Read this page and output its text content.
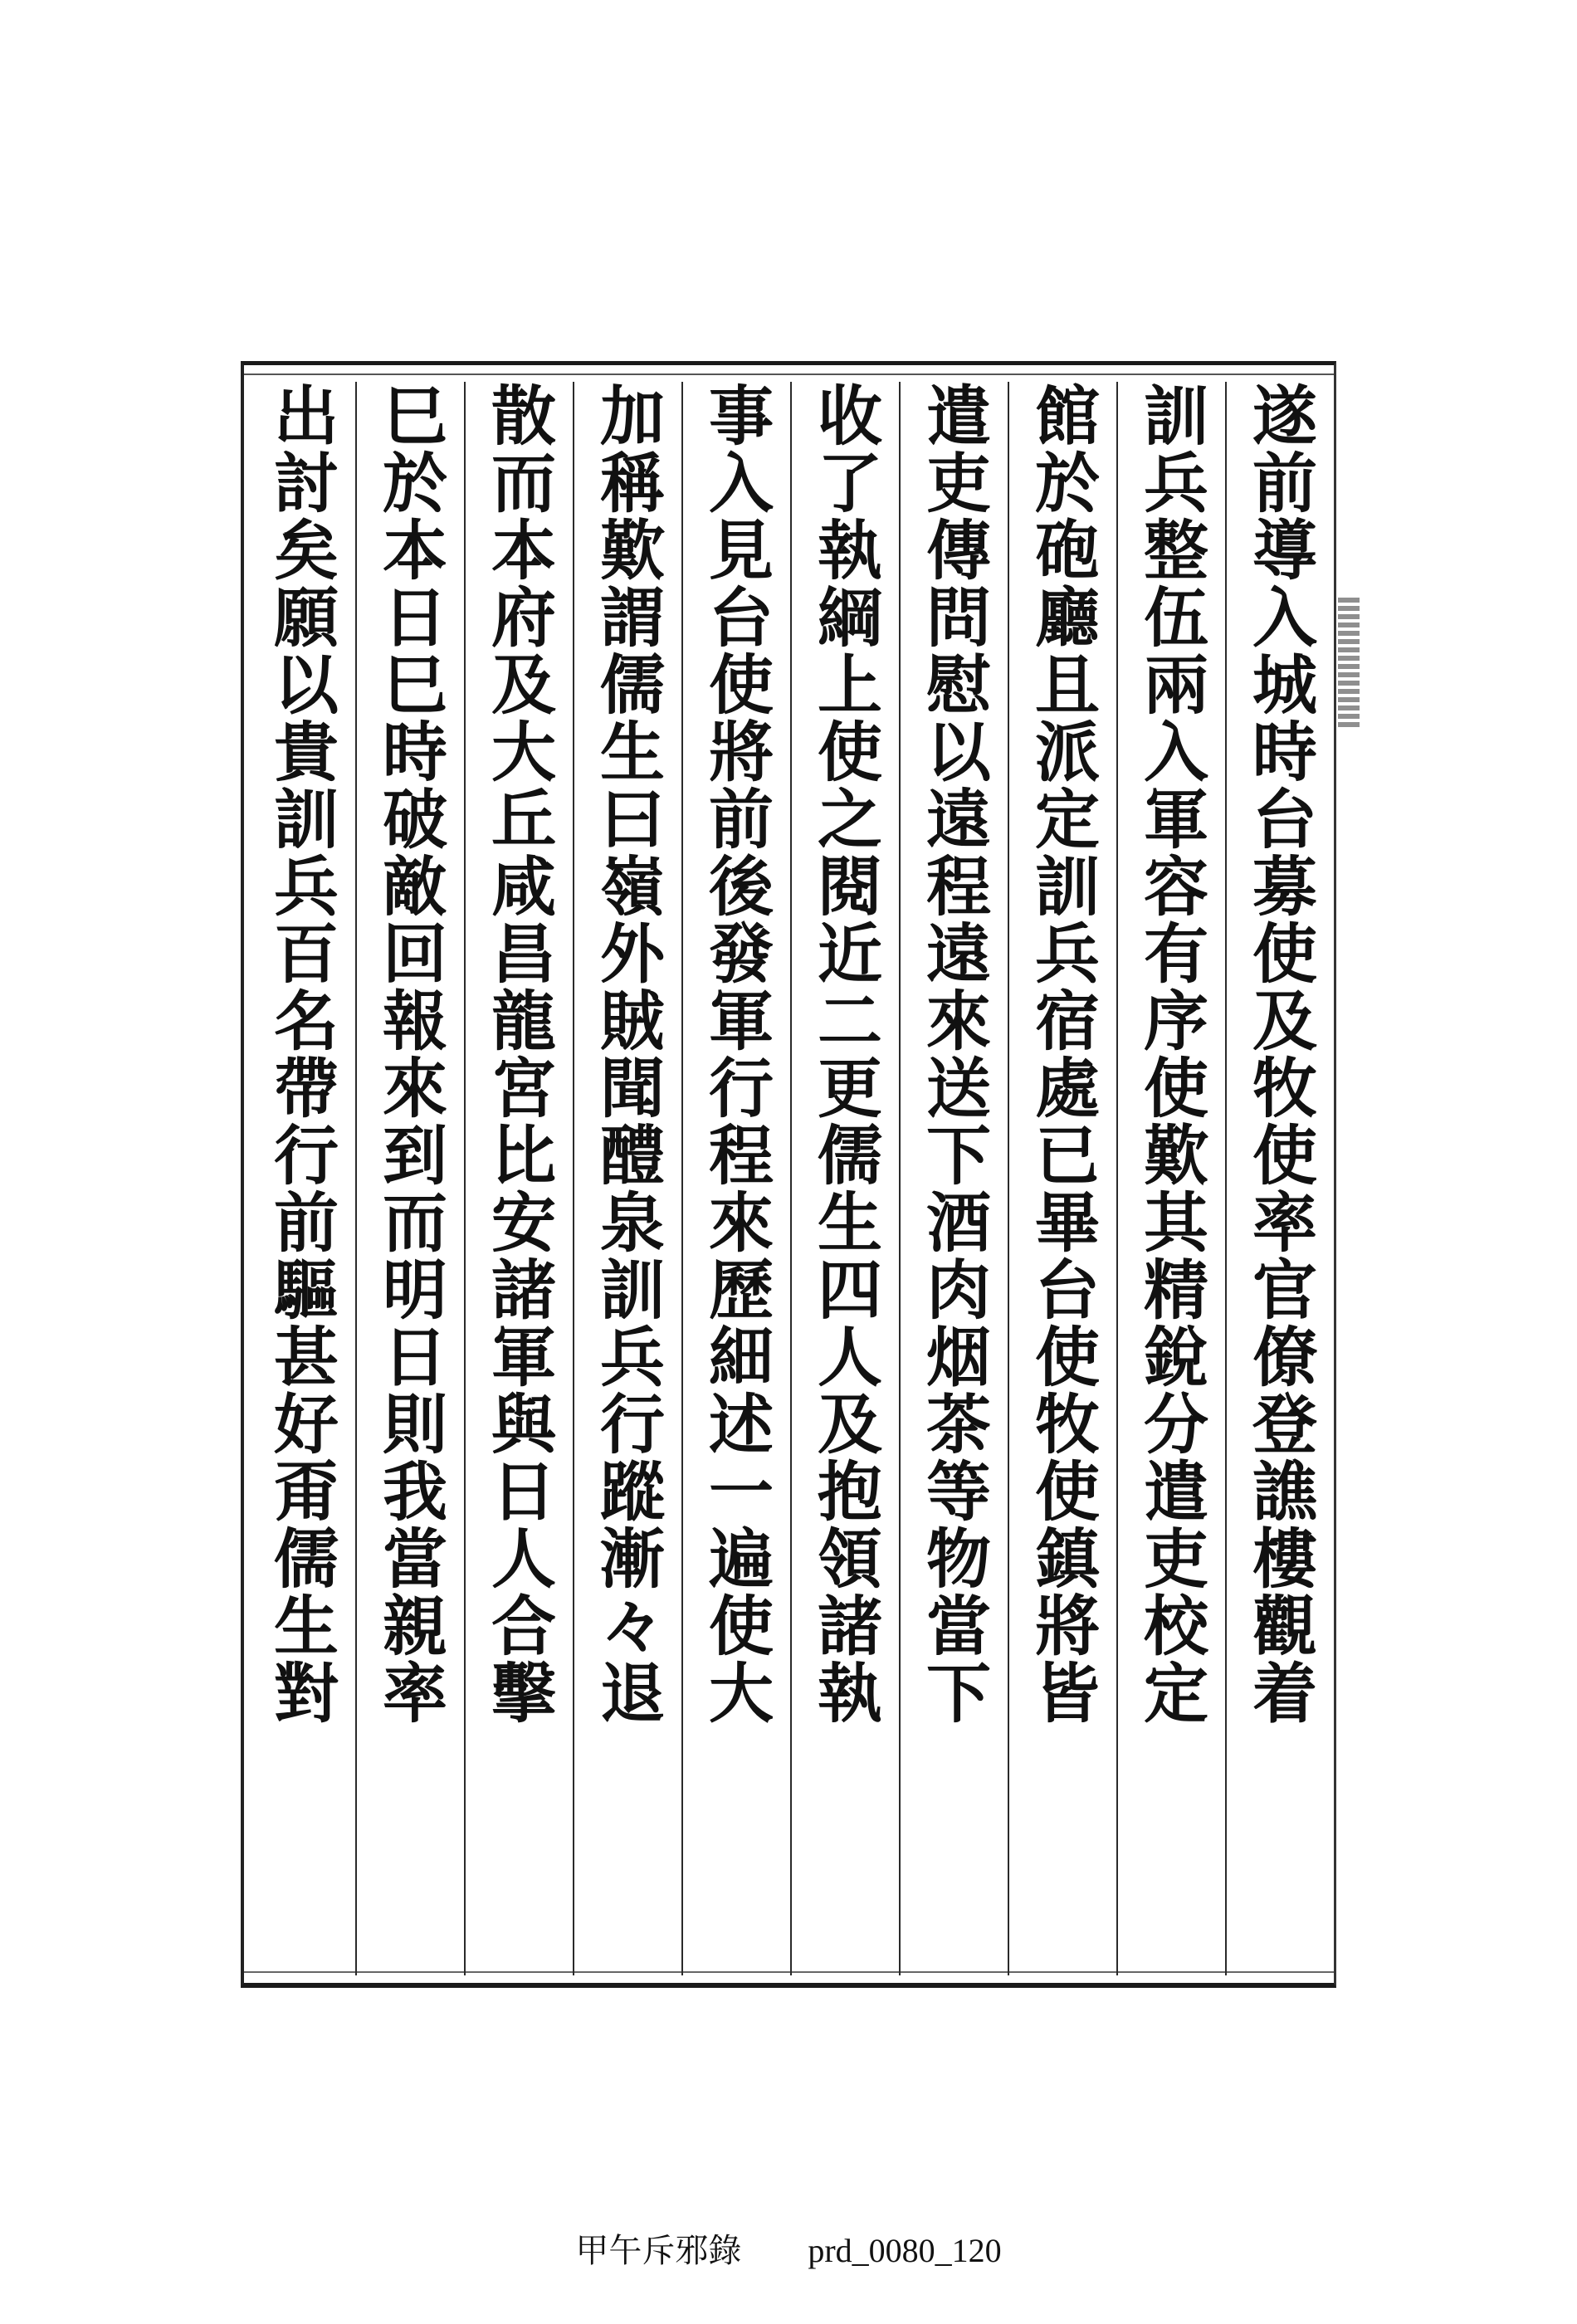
遂前導入城時台募使及牧使率官僚登譙樓觀着
訓兵整伍兩入軍容有序使歎其精銳分遣吏校定
館於砲廳且派定訓兵宿處已畢台使牧使鎮將皆
遣吏傳問慰以遠程遠來送下酒肉烟茶等物當下
收了執綱上使之閱近二更儒生四人及抱領諸執
事入見台使將前後發軍行程來歷細述一遍使大
加稱歎謂儒生曰嶺外賊聞醴泉訓兵行蹤漸々退
散而本府及大丘咸昌龍宮比安諸軍與日人合擊
巳於本日巳時破敵回報來到而明日則我當親率
出討矣願以貴訓兵百名帶行前驅甚好甭儒生對
甲午斥邪錄 prd_0080_120
